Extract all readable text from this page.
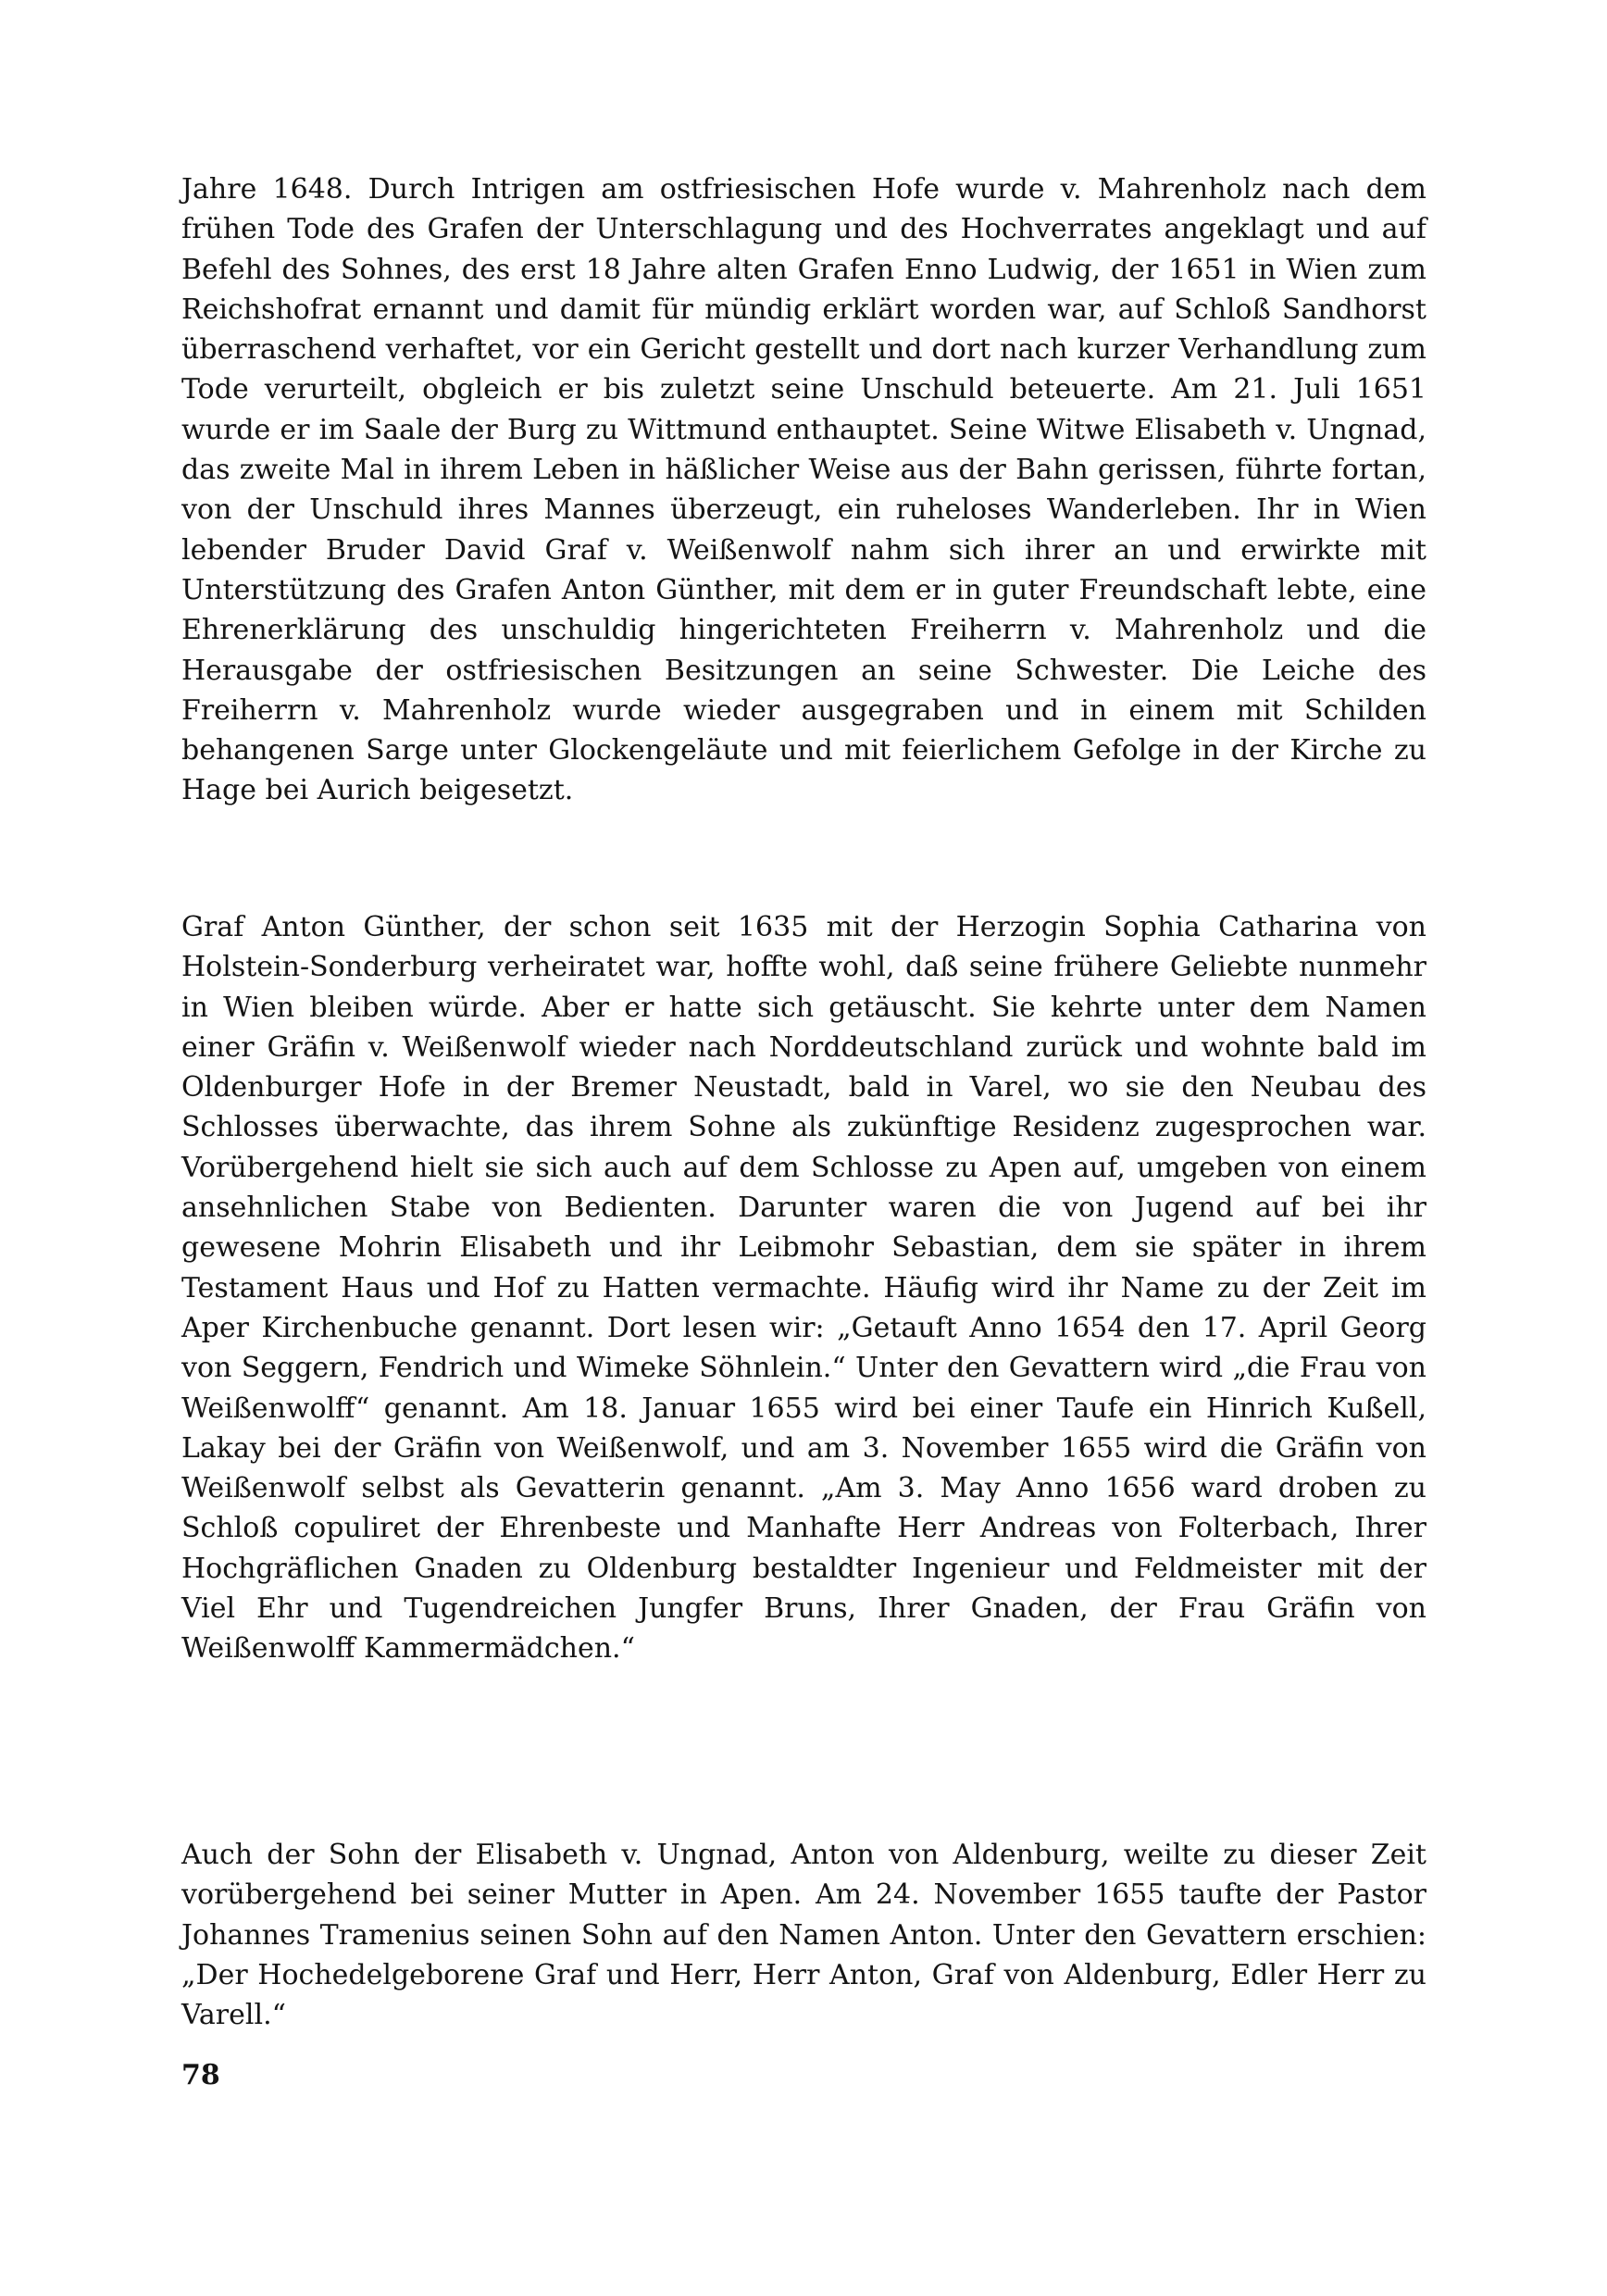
Jahre 1648. Durch Intrigen am ostfriesischen Hofe wurde v. Mahrenholz nach dem frühen Tode des Grafen der Unterschlagung und des Hochverrates angeklagt und auf Befehl des Sohnes, des erst 18 Jahre alten Grafen Enno Ludwig, der 1651 in Wien zum Reichshofrat ernannt und damit für mündig erklärt worden war, auf Schloß Sandhorst überraschend verhaftet, vor ein Gericht gestellt und dort nach kurzer Verhandlung zum Tode verurteilt, obgleich er bis zuletzt seine Unschuld beteuerte. Am 21. Juli 1651 wurde er im Saale der Burg zu Wittmund enthauptet. Seine Witwe Elisabeth v. Ungnad, das zweite Mal in ihrem Leben in häßlicher Weise aus der Bahn gerissen, führte fortan, von der Unschuld ihres Mannes überzeugt, ein ruheloses Wanderleben. Ihr in Wien lebender Bruder David Graf v. Weißenwolf nahm sich ihrer an und erwirkte mit Unterstützung des Grafen Anton Günther, mit dem er in guter Freundschaft lebte, eine Ehrenerklärung des unschuldig hingerichteten Freiherrn v. Mahrenholz und die Herausgabe der ostfriesischen Besitzungen an seine Schwester. Die Leiche des Freiherrn v. Mahrenholz wurde wieder ausgegraben und in einem mit Schilden behangenen Sarge unter Glockengeläute und mit feierlichem Gefolge in der Kirche zu Hage bei Aurich beigesetzt.

Graf Anton Günther, der schon seit 1635 mit der Herzogin Sophia Catharina von Holstein-Sonderburg verheiratet war, hoffte wohl, daß seine frühere Geliebte nunmehr in Wien bleiben würde. Aber er hatte sich getäuscht. Sie kehrte unter dem Namen einer Gräfin v. Weißenwolf wieder nach Norddeutschland zurück und wohnte bald im Oldenburger Hofe in der Bremer Neustadt, bald in Varel, wo sie den Neubau des Schlosses überwachte, das ihrem Sohne als zukünftige Residenz zugesprochen war. Vorübergehend hielt sie sich auch auf dem Schlosse zu Apen auf, umgeben von einem ansehnlichen Stabe von Bedienten. Darunter waren die von Jugend auf bei ihr gewesene Mohrin Elisabeth und ihr Leibmohr Sebastian, dem sie später in ihrem Testament Haus und Hof zu Hatten vermachte. Häufig wird ihr Name zu der Zeit im Aper Kirchenbuche genannt. Dort lesen wir: „Getauft Anno 1654 den 17. April Georg von Seggern, Fendrich und Wimeke Söhnlein.“ Unter den Gevattern wird „die Frau von Weißenwolff“ genannt. Am 18. Januar 1655 wird bei einer Taufe ein Hinrich Kußell, Lakay bei der Gräfin von Weißenwolf, und am 3. November 1655 wird die Gräfin von Weißenwolf selbst als Gevatterin genannt. „Am 3. May Anno 1656 ward droben zu Schloß copuliret der Ehrenbeste und Manhafte Herr Andreas von Folterbach, Ihrer Hochgräflichen Gnaden zu Oldenburg bestaldter Ingenieur und Feldmeister mit der Viel Ehr und Tugendreichen Jungfer Bruns, Ihrer Gnaden, der Frau Gräfin von Weißenwolff Kammermädchen.“

Auch der Sohn der Elisabeth v. Ungnad, Anton von Aldenburg, weilte zu dieser Zeit vorübergehend bei seiner Mutter in Apen. Am 24. November 1655 taufte der Pastor Johannes Tramenius seinen Sohn auf den Namen Anton. Unter den Gevattern erschien: „Der Hochedelgeborene Graf und Herr, Herr Anton, Graf von Aldenburg, Edler Herr zu Varell.“

78
